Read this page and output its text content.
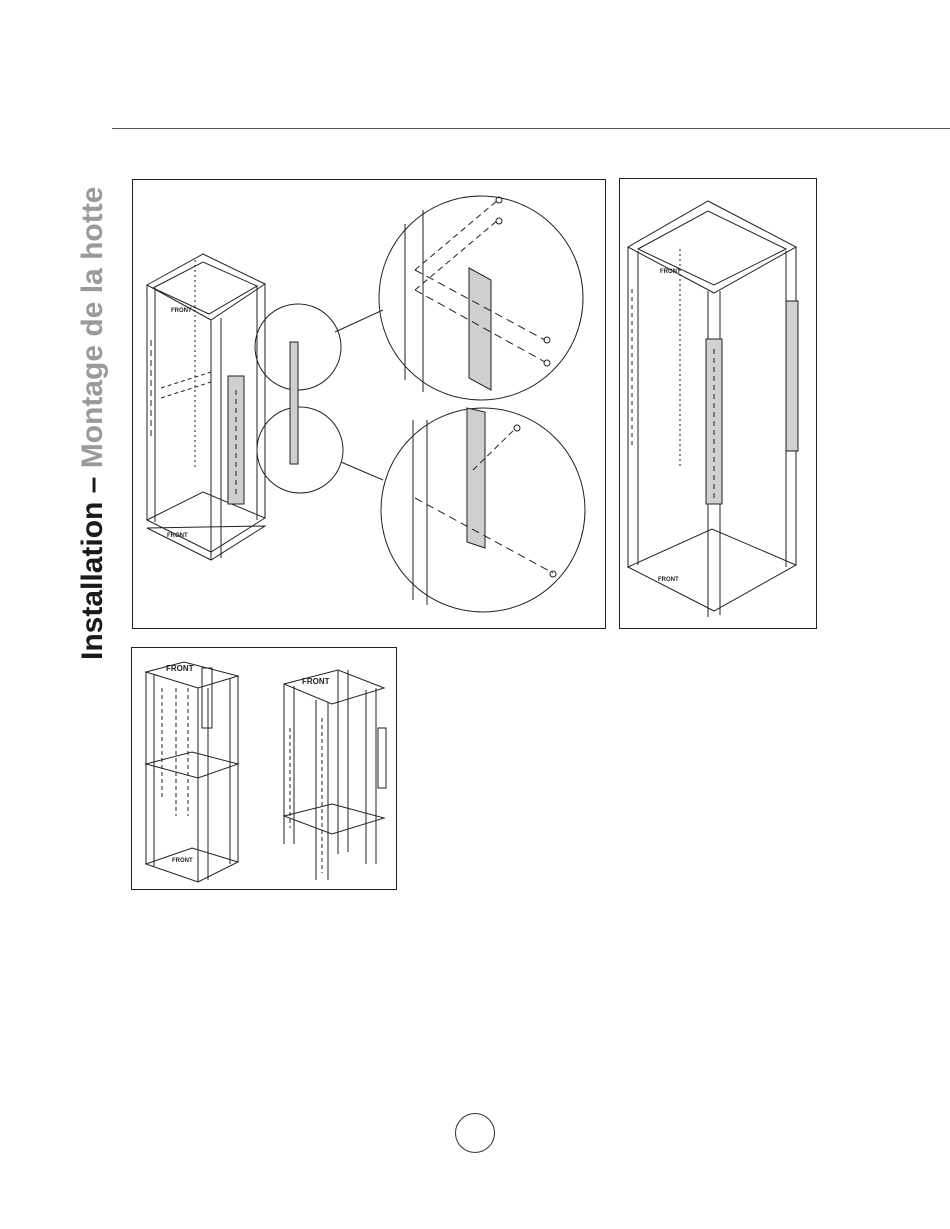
Installation – Montage de la hotte	FRONT
FRONT
FRONT
FRONT
FRONT
FRONT
FRONT
